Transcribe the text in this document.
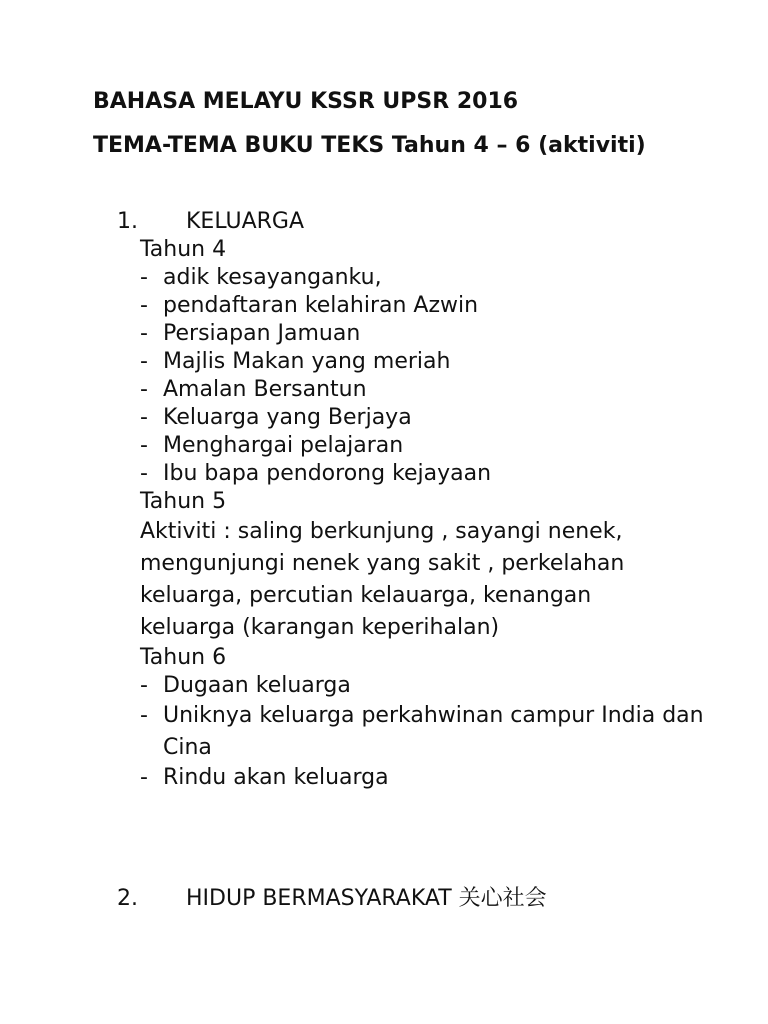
BAHASA MELAYU KSSR UPSR 2016
TEMA-TEMA BUKU TEKS Tahun 4 – 6 (aktiviti)
1.	KELUARGA
Tahun 4
- adik kesayanganku,
- pendaftaran kelahiran Azwin
- Persiapan Jamuan
- Majlis Makan yang meriah
- Amalan Bersantun
- Keluarga yang Berjaya
- Menghargai pelajaran
- Ibu bapa pendorong kejayaan
Tahun 5

Aktiviti : saling berkunjung , sayangi nenek, mengunjungi nenek yang sakit , perkelahan keluarga, percutian kelauarga, kenangan keluarga (karangan keperihalan)

Tahun 6
- Dugaan keluarga
- Uniknya keluarga perkahwinan campur India dan Cina
- Rindu akan keluarga
2.	HIDUP BERMASYARAKAT 关心社会
